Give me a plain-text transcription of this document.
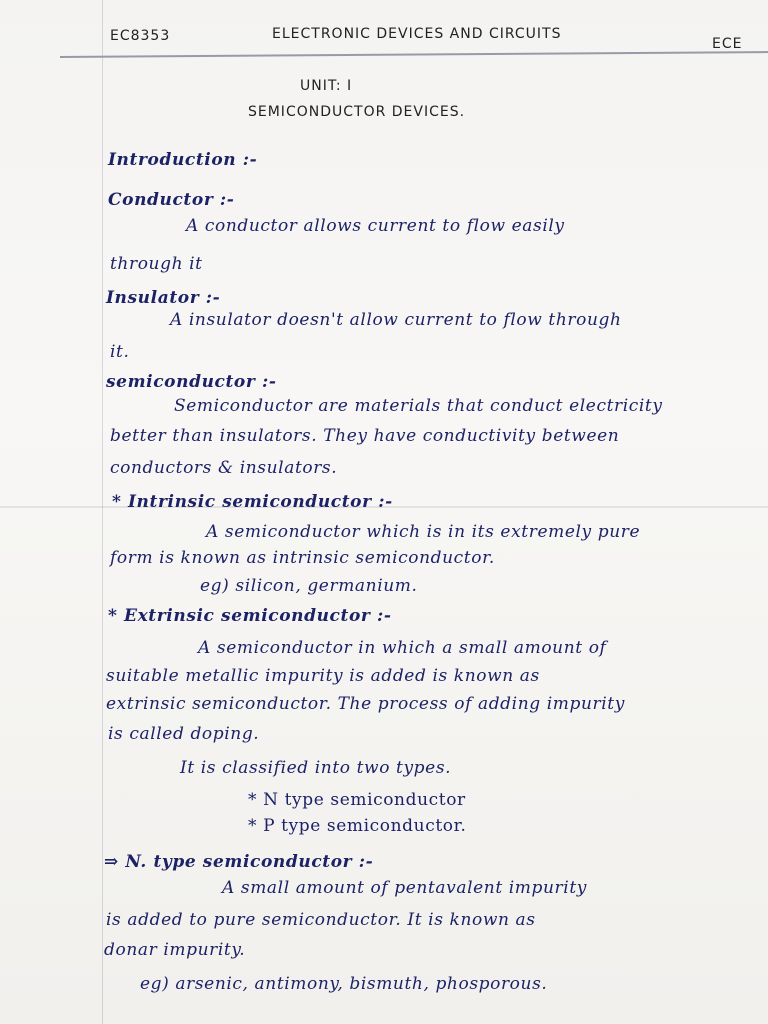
EC8353	ELECTRONIC DEVICES AND CIRCUITS
ECE
UNIT: I
SEMICONDUCTOR DEVICES.
Introduction :-
Conductor :-
A conductor allows current to flow easily
through it
Insulator :-
A insulator doesn't allow current to flow through
it.
semiconductor :-
Semiconductor are materials that conduct electricity
better than insulators. They have conductivity between
conductors & insulators.
* Intrinsic semiconductor :-
A semiconductor which is in its extremely pure
form is known as intrinsic semiconductor.
eg) silicon, germanium.
* Extrinsic semiconductor :-
A semiconductor in which a small amount of
suitable metallic impurity is added is known as
extrinsic semiconductor. The process of adding impurity
is called doping.
It is classified into two types.
* N type semiconductor
* P type semiconductor.
⇒ N. type semiconductor :-
A small amount of pentavalent impurity
is added to pure semiconductor. It is known as
donar impurity.
eg) arsenic, antimony, bismuth, phosporous.
